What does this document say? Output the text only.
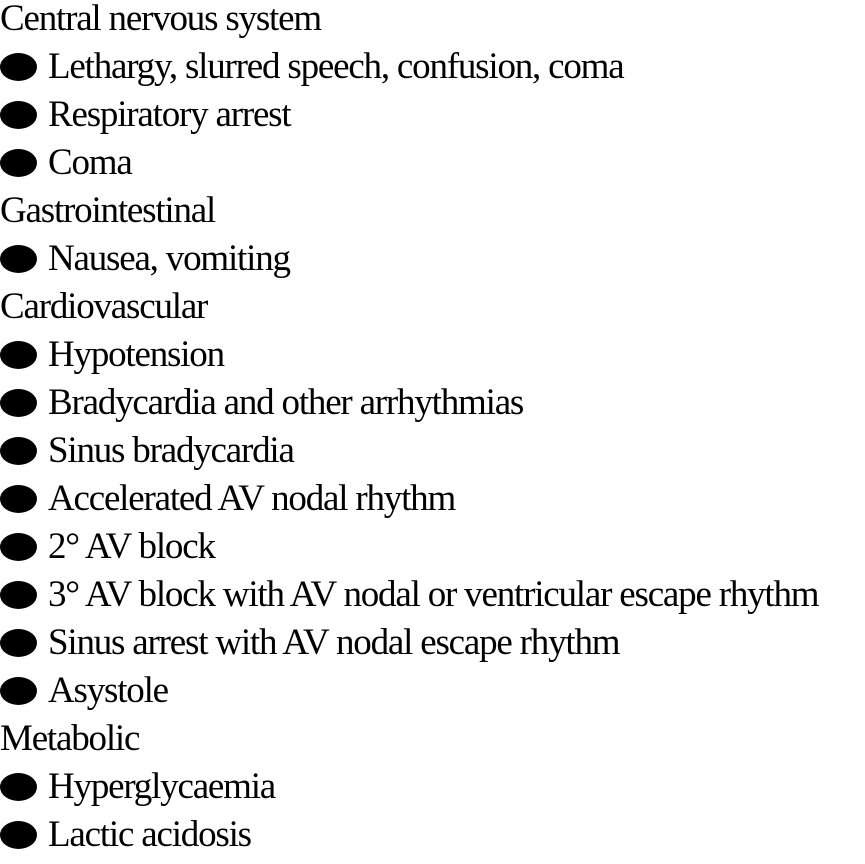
Central nervous system
Lethargy, slurred speech, confusion, coma
Respiratory arrest
Coma
Gastrointestinal
Nausea, vomiting
Cardiovascular
Hypotension
Bradycardia and other arrhythmias
Sinus bradycardia
Accelerated AV nodal rhythm
2° AV block
3° AV block with AV nodal or ventricular escape rhythm
Sinus arrest with AV nodal escape rhythm
Asystole
Metabolic
Hyperglycaemia
Lactic acidosis
